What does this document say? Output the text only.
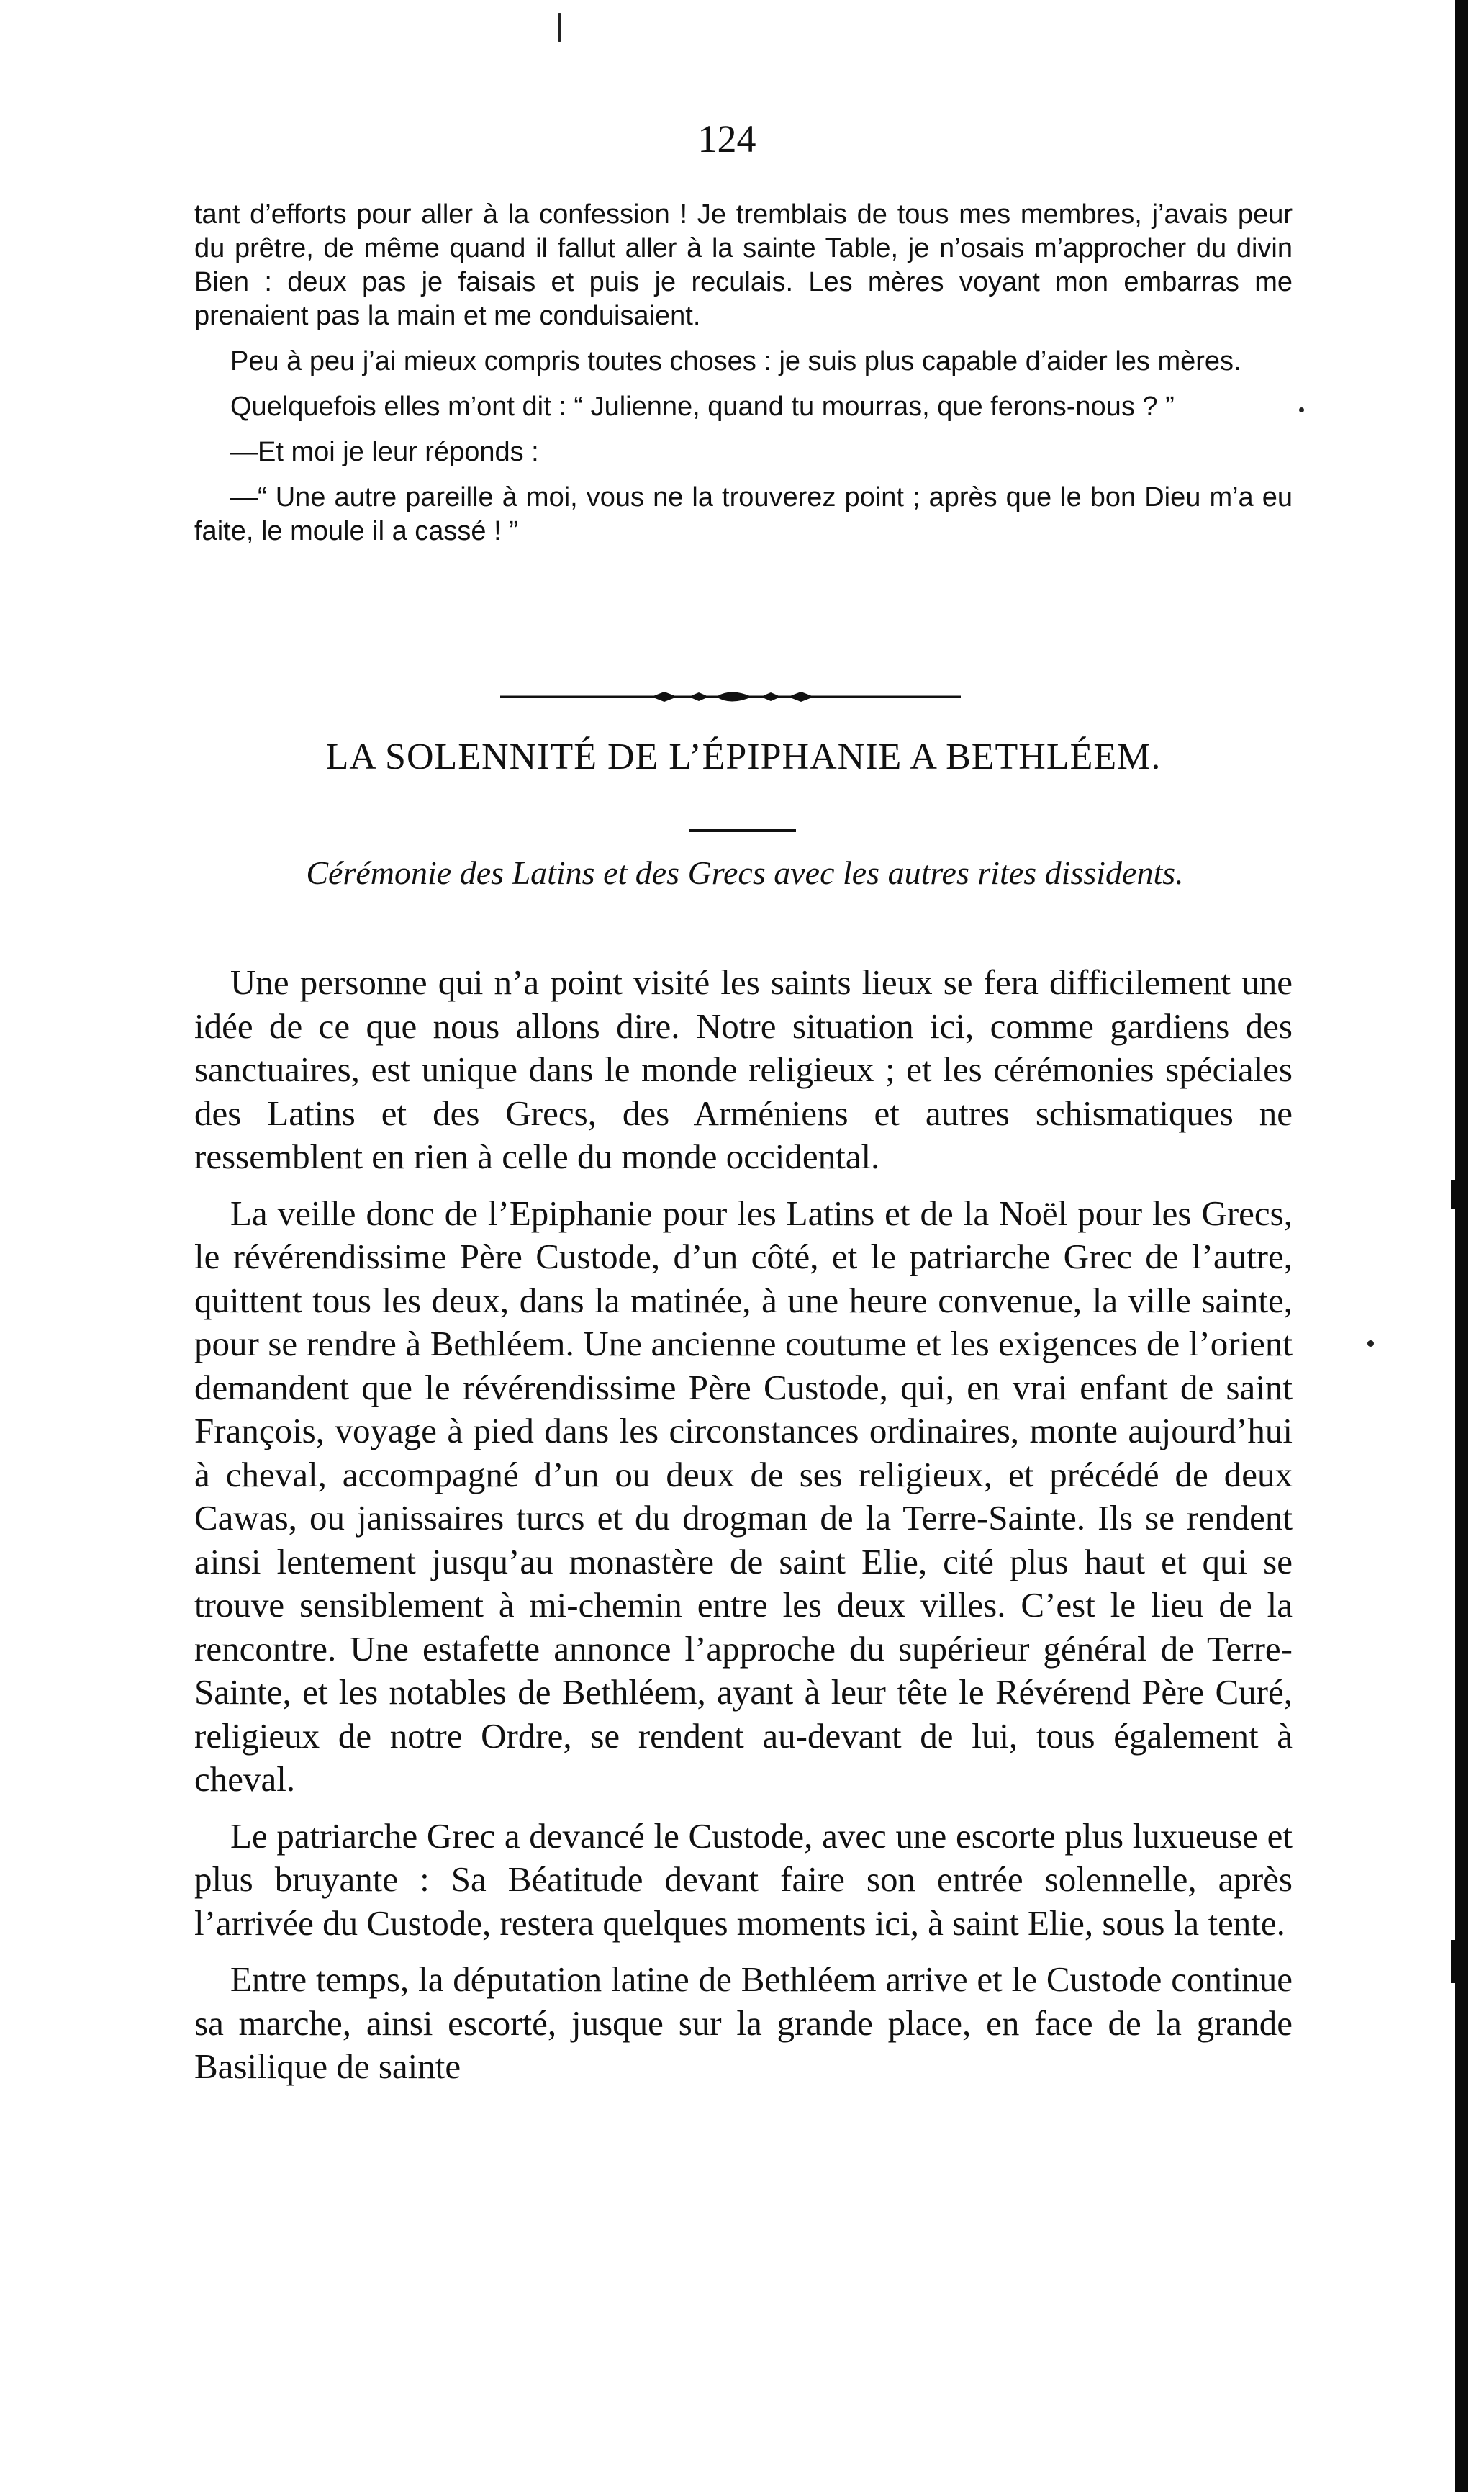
124

tant d’efforts pour aller à la confession ! Je tremblais de tous mes membres, j’avais peur du prêtre, de même quand il fallut aller à la sainte Table, je n’osais m’approcher du divin Bien : deux pas je faisais et puis je reculais. Les mères voyant mon embarras me prenaient pas la main et me conduisaient.

Peu à peu j’ai mieux compris toutes choses : je suis plus capable d’aider les mères.

Quelquefois elles m’ont dit : “ Julienne, quand tu mourras, que ferons-nous ? ”

—Et moi je leur réponds :

—“ Une autre pareille à moi, vous ne la trouverez point ; après que le bon Dieu m’a eu faite, le moule il a cassé ! ”

LA SOLENNITÉ DE L’ÉPIPHANIE A BETHLÉEM.
Cérémonie des Latins et des Grecs avec les autres rites dissidents.

Une personne qui n’a point visité les saints lieux se fera difficilement une idée de ce que nous allons dire. Notre situation ici, comme gardiens des sanctuaires, est unique dans le monde religieux ; et les cérémonies spéciales des Latins et des Grecs, des Arméniens et autres schismatiques ne ressemblent en rien à celle du monde occidental.

La veille donc de l’Epiphanie pour les Latins et de la Noël pour les Grecs, le révérendissime Père Custode, d’un côté, et le patriarche Grec de l’autre, quittent tous les deux, dans la matinée, à une heure convenue, la ville sainte, pour se rendre à Bethléem. Une ancienne coutume et les exigences de l’orient demandent que le révérendissime Père Custode, qui, en vrai enfant de saint François, voyage à pied dans les circonstances ordinaires, monte aujourd’hui à cheval, accompagné d’un ou deux de ses religieux, et précédé de deux Cawas, ou janissaires turcs et du drogman de la Terre-Sainte. Ils se rendent ainsi lentement jusqu’au monastère de saint Elie, cité plus haut et qui se trouve sensiblement à mi-chemin entre les deux villes. C’est le lieu de la rencontre. Une estafette annonce l’approche du supérieur général de Terre-Sainte, et les notables de Bethléem, ayant à leur tête le Révérend Père Curé, religieux de notre Ordre, se rendent au-devant de lui, tous également à cheval.

Le patriarche Grec a devancé le Custode, avec une escorte plus luxueuse et plus bruyante : Sa Béatitude devant faire son entrée solennelle, après l’arrivée du Custode, restera quelques moments ici, à saint Elie, sous la tente.

Entre temps, la députation latine de Bethléem arrive et le Custode continue sa marche, ainsi escorté, jusque sur la grande place, en face de la grande Basilique de sainte
